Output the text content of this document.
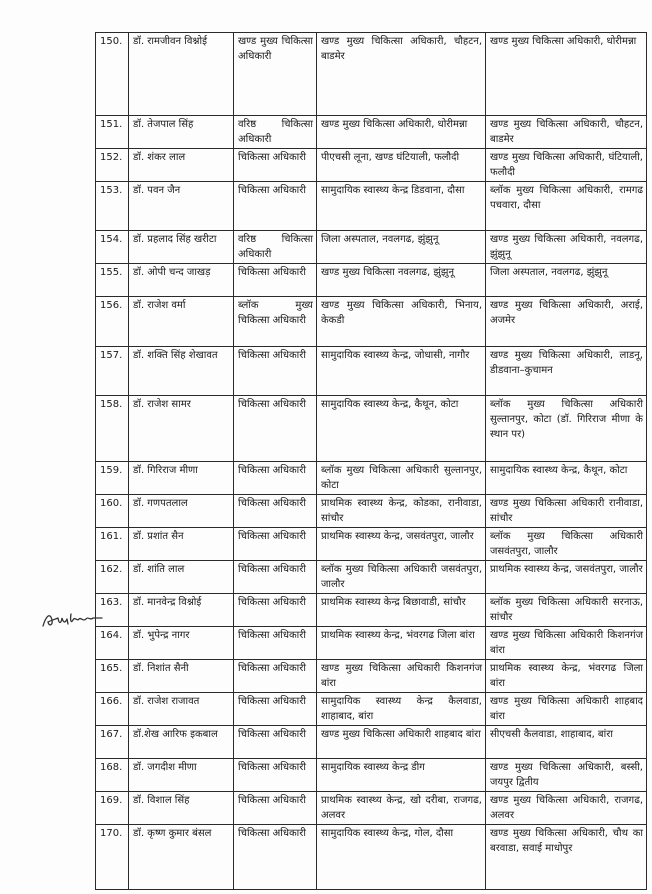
150.	डॉ. रामजीवन विश्नोई	खण्ड मुख्य चिकित्सा अधिकारी	खण्ड मुख्य चिकित्सा अधिकारी, चौहटन, बाडमेर	खण्ड मुख्य चिकित्सा अधिकारी, धोरीमन्ना
151.	डॉ. तेजपाल सिंह	वरिष्ठ चिकित्सा अधिकारी	खण्ड मुख्य चिकित्सा अधिकारी, धोरीमन्ना	खण्ड मुख्य चिकित्सा अधिकारी, चौहटन, बाडमेर
152.	डॉ. शंकर लाल	चिकित्सा अधिकारी	पीएचसी लूना, खण्ड घंटियाली, फलौदी	खण्ड मुख्य चिकित्सा अधिकारी, घंटियाली, फलौदी
153.	डॉ. पवन जैन	चिकित्सा अधिकारी	सामुदायिक स्वास्थ्य केन्द्र डिडवाना, दौसा	ब्लॉक मुख्य चिकित्सा अधिकारी, रामगढ पचवारा, दौसा
154.	डॉ. प्रहलाद सिंह खरीटा	वरिष्ठ चिकित्सा अधिकारी	जिला अस्पताल, नवलगढ, झुंझुनू	खण्ड मुख्य चिकित्सा अधिकारी, नवलगढ, झुंझुनू
155.	डॉ. ओपी चन्द जाखड़	चिकित्सा अधिकारी	खण्ड मुख्य चिकित्सा नवलगढ, झुंझुनू	जिला अस्पताल, नवलगढ, झुंझुनू
156.	डॉ. राजेश वर्मा	ब्लॉक मुख्य चिकित्सा अधिकारी	खण्ड मुख्य चिकित्सा अधिकारी, भिनाय, केकडी	खण्ड मुख्य चिकित्सा अधिकारी, अराई, अजमेर
157.	डॉ. शक्ति सिंह शेखावत	चिकित्सा अधिकारी	सामुदायिक स्वास्थ्य केन्द्र, जोधासी, नागौर	खण्ड मुख्य चिकित्सा अधिकारी, लाडनू, डीडवाना–कुचामन
158.	डॉ. राजेश सामर	चिकित्सा अधिकारी	सामुदायिक स्वास्थ्य केन्द्र, कैथून, कोटा	ब्लॉक मुख्य चिकित्सा अधिकारी सुल्तानपुर, कोटा (डॉ. गिरिराज मीणा के स्थान पर)
159.	डॉ. गिरिराज मीणा	चिकित्सा अधिकारी	ब्लॉक मुख्य चिकित्सा अधिकारी सुल्तानपुर, कोटा	सामुदायिक स्वास्थ्य केन्द्र, कैथून, कोटा
160.	डॉ. गणपतलाल	चिकित्सा अधिकारी	प्राथमिक स्वास्थ्य केन्द्र, कोडका, रानीवाडा, सांचौर	खण्ड मुख्य चिकित्सा अधिकारी रानीवाडा, सांचौर
161.	डॉ. प्रशांत सैन	चिकित्सा अधिकारी	प्राथमिक स्वास्थ्य केन्द्र, जसवंतपुरा, जालौर	ब्लॉक मुख्य चिकित्सा अधिकारी जसवंतपुरा, जालौर
162.	डॉ. शांति लाल	चिकित्सा अधिकारी	ब्लॉक मुख्य चिकित्सा अधिकारी जसवंतपुरा, जालौर	प्राथमिक स्वास्थ्य केन्द्र, जसवंतपुरा, जालौर
163.	डॉ. मानवेन्द्र विश्नोई	चिकित्सा अधिकारी	प्राथमिक स्वास्थ्य केन्द्र बिछावाडी, सांचौर	ब्लॉक मुख्य चिकित्सा अधिकारी सरनाऊ, सांचौर
164.	डॉ. भुपेन्द्र नागर	चिकित्सा अधिकारी	प्राथमिक स्वास्थ्य केन्द्र, भंवरगढ जिला बांरा	खण्ड मुख्य चिकित्सा अधिकारी किशनगंज बांरा
165.	डॉ. निशांत सैनी	चिकित्सा अधिकारी	खण्ड मुख्य चिकित्सा अधिकारी किशनगंज बांरा	प्राथमिक स्वास्थ्य केन्द्र, भंवरगढ जिला बांरा
166.	डॉ. राजेश राजावत	चिकित्सा अधिकारी	सामुदायिक स्वास्थ्य केन्द्र कैलवाडा, शाहाबाद, बांरा	खण्ड मुख्य चिकित्सा अधिकारी शाहबाद बांरा
167.	डॉ.शेख आरिफ इकबाल	चिकित्सा अधिकारी	खण्ड मुख्य चिकित्सा अधिकारी शाहबाद बांरा	सीएचसी कैलवाडा, शाहाबाद, बांरा
168.	डॉ. जगदीश मीणा	चिकित्सा अधिकारी	सामुदायिक स्वास्थ्य केन्द्र डीग	खण्ड मुख्य चिकित्सा अधिकारी, बस्सी, जयपुर द्वितीय
169.	डॉ. विशाल सिंह	चिकित्सा अधिकारी	प्राथमिक स्वास्थ्य केन्द्र, खो दरीबा, राजगढ, अलवर	खण्ड मुख्य चिकित्सा अधिकारी, राजगढ, अलवर
170.	डॉ. कृष्ण कुमार बंसल	चिकित्सा अधिकारी	सामुदायिक स्वास्थ्य केन्द्र, गोल, दौसा	खण्ड मुख्य चिकित्सा अधिकारी, चौथ का बरवाडा, सवाई माधोपुर
